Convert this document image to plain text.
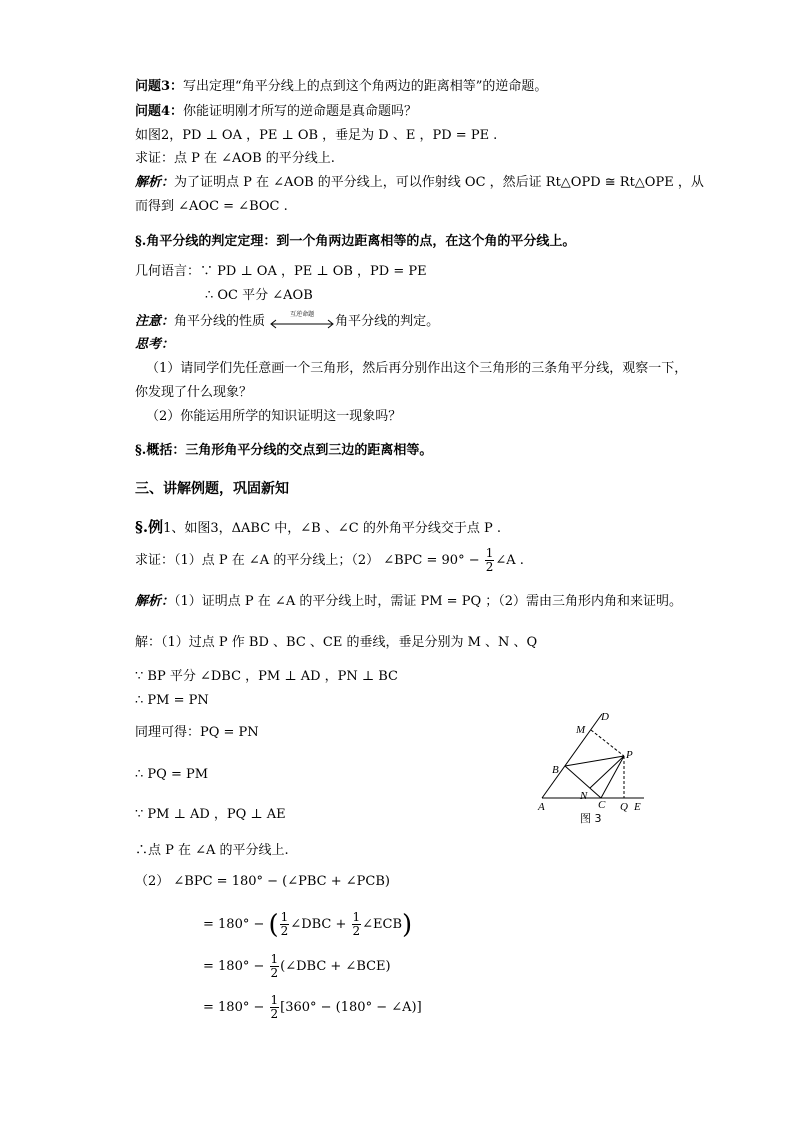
问题3：写出定理“角平分线上的点到这个角两边的距离相等”的逆命题。
问题4：你能证明刚才所写的逆命题是真命题吗？
如图2，PD ⊥ OA ，PE ⊥ OB ，垂足为 D 、E ，PD = PE .
求证：点 P 在 ∠AOB 的平分线上.
解析：为了证明点 P 在 ∠AOB 的平分线上，可以作射线 OC ，然后证 Rt△OPD ≅ Rt△OPE ，从
而得到 ∠AOC = ∠BOC .
§.角平分线的判定定理：到一个角两边距离相等的点，在这个角的平分线上。
几何语言：∵ PD ⊥ OA ，PE ⊥ OB ，PD = PE
∴ OC 平分 ∠AOB
注意：角平分线的性质	互逆命题	角平分线的判定。
思考：
（1）请同学们先任意画一个三角形，然后再分别作出这个三角形的三条角平分线，观察一下，
你发现了什么现象？
（2）你能运用所学的知识证明这一现象吗？
§.概括：三角形角平分线的交点到三边的距离相等。
三、讲解例题，巩固新知
§.例1、如图3，ΔABC 中，∠B 、∠C 的外角平分线交于点 P .
求证：（1）点 P 在 ∠A 的平分线上；（2） ∠BPC = $90^\circ - \frac{1}{2}$ ∠A .
解析：（1）证明点 P 在 ∠A 的平分线上时，需证 PM = PQ ；（2）需由三角形内角和来证明。
解：（1）过点 P 作 BD 、BC 、CE 的垂线，垂足分别为 M 、N 、Q
∵ BP 平分 ∠DBC ，PM ⊥ AD ，PN ⊥ BC
∴ PM = PN
同理可得：PQ = PN
∴ PQ = PM
∵ PM ⊥ AD ，PQ ⊥ AE
∴点 P 在 ∠A 的平分线上.
（2） ∠BPC = 180° − (∠PBC + ∠PCB)
= 180° − ( $\frac{1}{2}$ ∠DBC + $\frac{1}{2}$ ∠ECB)
= $180^\circ - \frac{1}{2}$ (∠DBC + ∠BCE)
= $180^\circ - \frac{1}{2} [360^\circ - (180^\circ$ − ∠A)]
D
M
P
B
N
C Q E
A
图 3
